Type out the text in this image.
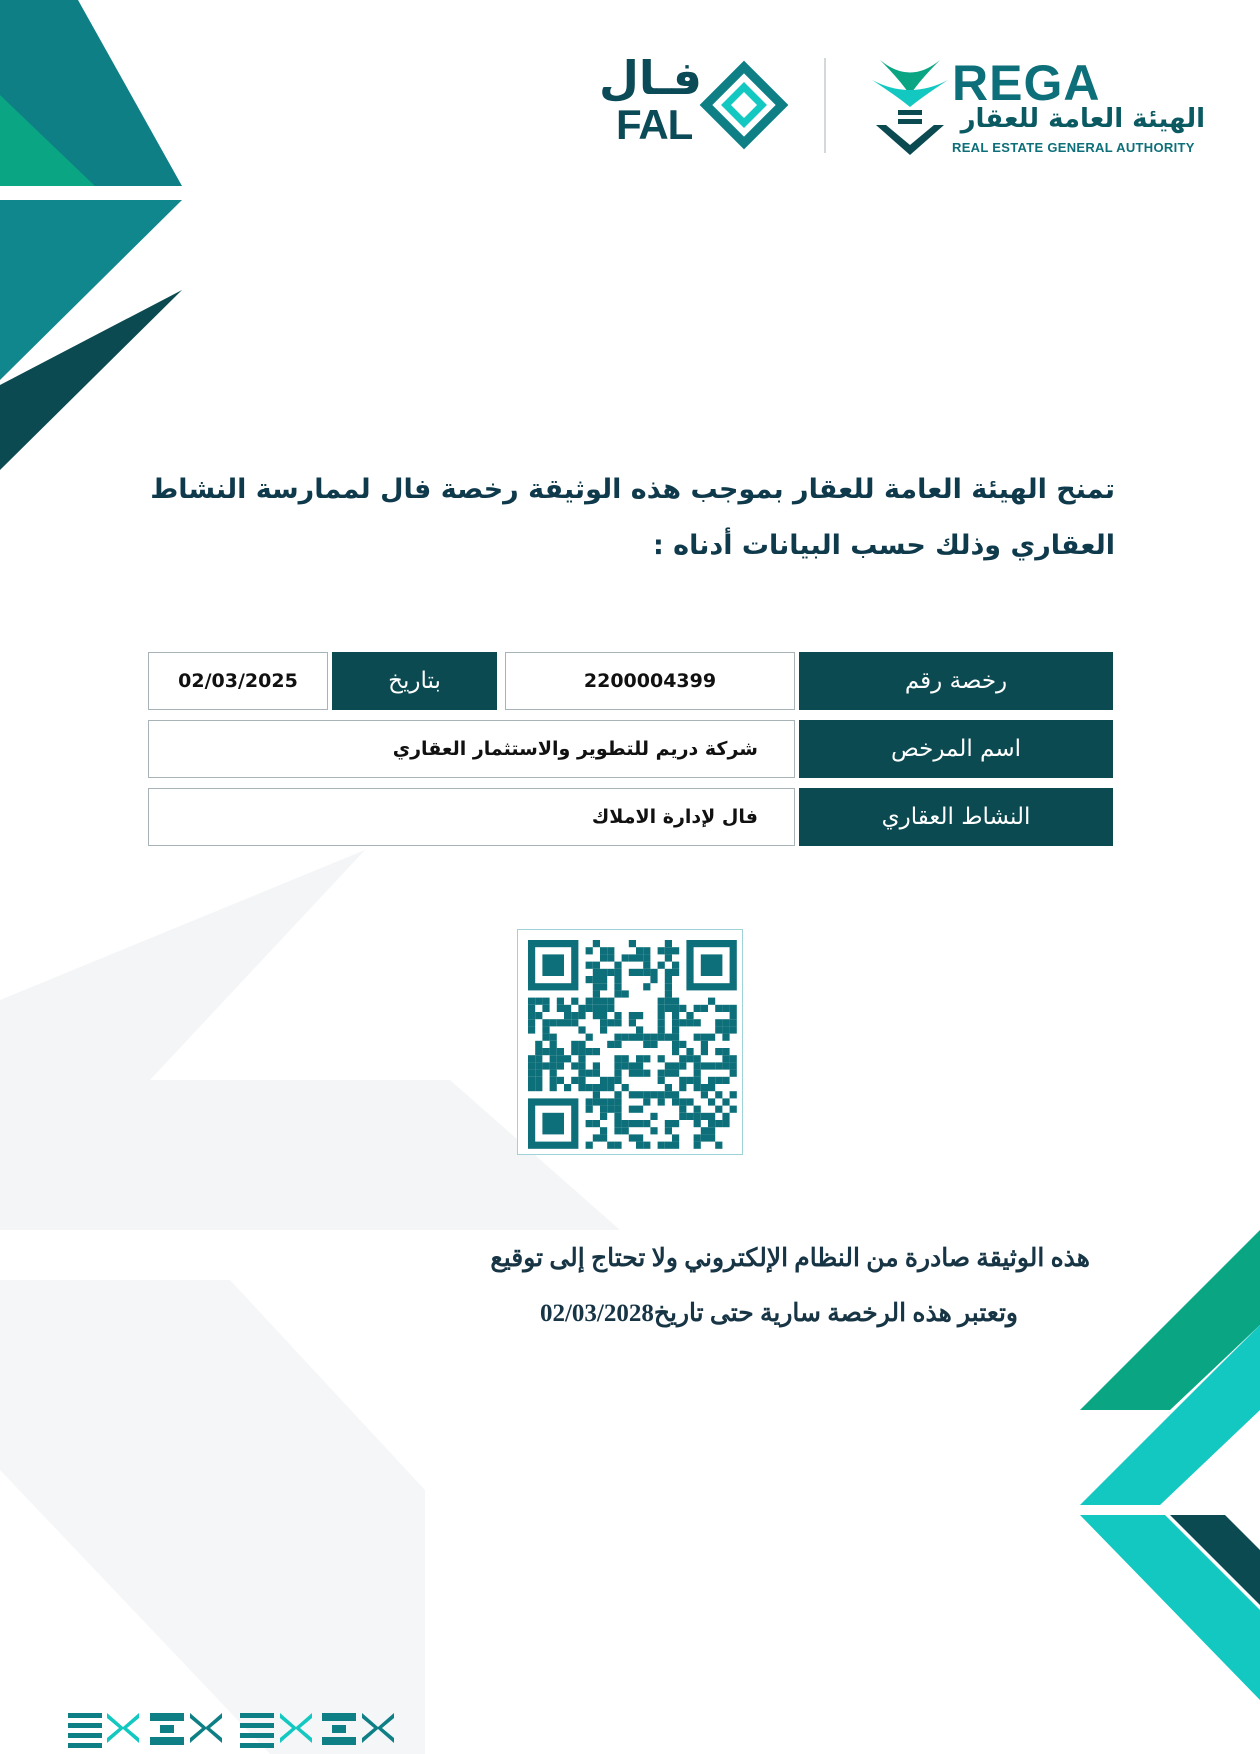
REGA
الهيئة العامة للعقار
REAL ESTATE GENERAL AUTHORITY
فـال
FAL
تمنح الهيئة العامة للعقار بموجب هذه الوثيقة رخصة فال لممارسة النشاط العقاري وذلك حسب البيانات أدناه :
رخصة رقم
2200004399
بتاريخ
02/03/2025
اسم المرخص
شركة دريم للتطوير والاستثمار العقاري
النشاط العقاري
فال لإدارة الاملاك
هذه الوثيقة صادرة من النظام الإلكتروني ولا تحتاج إلى توقيع
وتعتبر هذه الرخصة سارية حتى تاريخ02/03/2028
